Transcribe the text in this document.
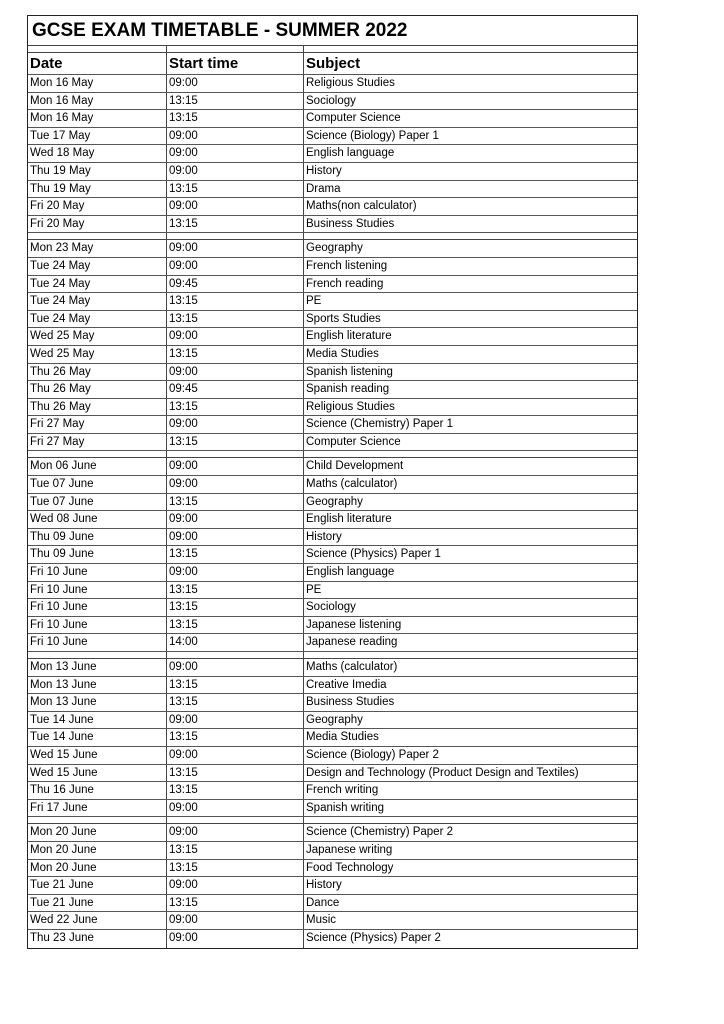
GCSE EXAM TIMETABLE - SUMMER 2022
Date	Start time	Subject
Mon 16 May	09:00	Religious Studies
Mon 16 May	13:15	Sociology
Mon 16 May	13:15	Computer Science
Tue 17 May	09:00	Science (Biology) Paper 1
Wed 18 May	09:00	English language
Thu 19 May	09:00	History
Thu 19 May	13:15	Drama
Fri 20 May	09:00	Maths(non calculator)
Fri 20 May	13:15	Business Studies
Mon 23 May	09:00	Geography
Tue 24 May	09:00	French listening
Tue 24 May	09:45	French reading
Tue 24 May	13:15	PE
Tue 24 May	13:15	Sports Studies
Wed 25 May	09:00	English literature
Wed 25 May	13:15	Media Studies
Thu 26 May	09:00	Spanish listening
Thu 26 May	09:45	Spanish reading
Thu 26 May	13:15	Religious Studies
Fri 27 May	09:00	Science (Chemistry) Paper 1
Fri 27 May	13:15	Computer Science
Mon 06 June	09:00	Child Development
Tue 07 June	09:00	Maths (calculator)
Tue 07 June	13:15	Geography
Wed 08 June	09:00	English literature
Thu 09 June	09:00	History
Thu 09 June	13:15	Science (Physics) Paper 1
Fri 10 June	09:00	English language
Fri 10 June	13:15	PE
Fri 10 June	13:15	Sociology
Fri 10 June	13:15	Japanese listening
Fri 10 June	14:00	Japanese reading
Mon 13 June	09:00	Maths (calculator)
Mon 13 June	13:15	Creative Imedia
Mon 13 June	13:15	Business Studies
Tue 14 June	09:00	Geography
Tue 14 June	13:15	Media Studies
Wed 15 June	09:00	Science (Biology) Paper 2
Wed 15 June	13:15	Design and Technology (Product Design and Textiles)
Thu 16 June	13:15	French writing
Fri 17 June	09:00	Spanish writing
Mon 20 June	09:00	Science (Chemistry) Paper 2
Mon 20 June	13:15	Japanese writing
Mon 20 June	13:15	Food Technology
Tue 21 June	09:00	History
Tue 21 June	13:15	Dance
Wed 22 June	09:00	Music
Thu 23 June	09:00	Science (Physics) Paper 2
